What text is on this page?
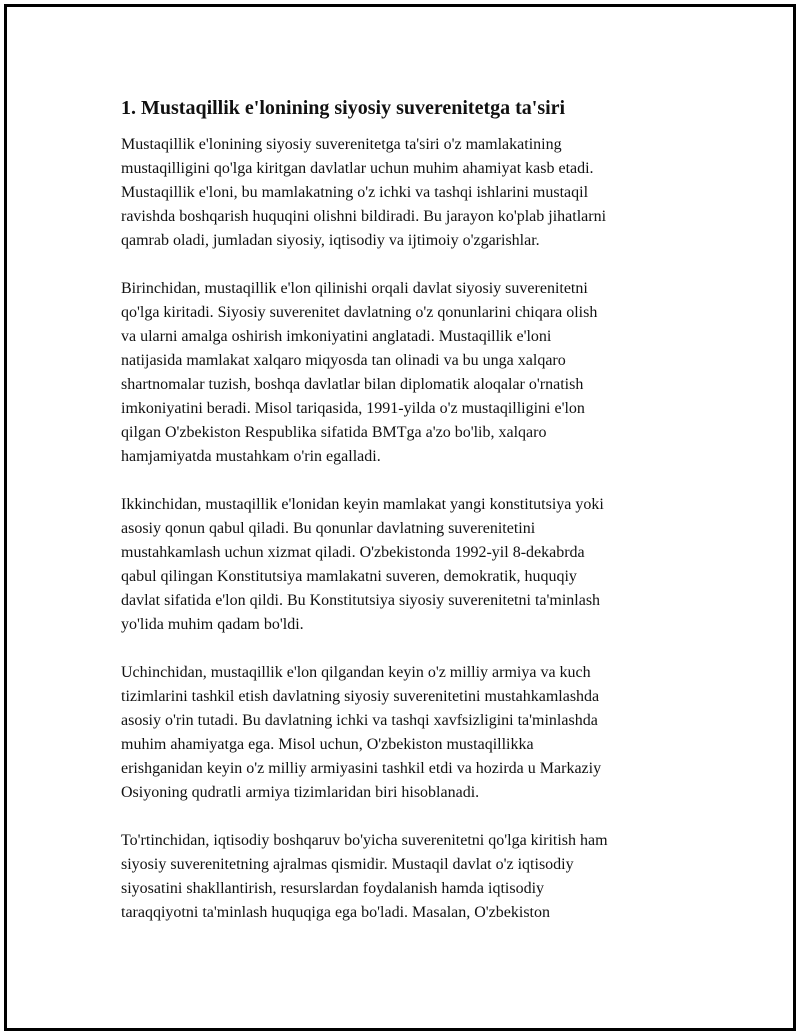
1. Mustaqillik e'lonining siyosiy suverenitetga ta'siri

Mustaqillik e'lonining siyosiy suverenitetga ta'siri o'z mamlakatining
mustaqilligini qo'lga kiritgan davlatlar uchun muhim ahamiyat kasb etadi.
Mustaqillik e'loni, bu mamlakatning o'z ichki va tashqi ishlarini mustaqil
ravishda boshqarish huquqini olishni bildiradi. Bu jarayon ko'plab jihatlarni
qamrab oladi, jumladan siyosiy, iqtisodiy va ijtimoiy o'zgarishlar.

Birinchidan, mustaqillik e'lon qilinishi orqali davlat siyosiy suverenitetni
qo'lga kiritadi. Siyosiy suverenitet davlatning o'z qonunlarini chiqara olish
va ularni amalga oshirish imkoniyatini anglatadi. Mustaqillik e'loni
natijasida mamlakat xalqaro miqyosda tan olinadi va bu unga xalqaro
shartnomalar tuzish, boshqa davlatlar bilan diplomatik aloqalar o'rnatish
imkoniyatini beradi. Misol tariqasida, 1991-yilda o'z mustaqilligini e'lon
qilgan O'zbekiston Respublika sifatida BMTga a'zo bo'lib, xalqaro
hamjamiyatda mustahkam o'rin egalladi.

Ikkinchidan, mustaqillik e'lonidan keyin mamlakat yangi konstitutsiya yoki
asosiy qonun qabul qiladi. Bu qonunlar davlatning suverenitetini
mustahkamlash uchun xizmat qiladi. O'zbekistonda 1992-yil 8-dekabrda
qabul qilingan Konstitutsiya mamlakatni suveren, demokratik, huquqiy
davlat sifatida e'lon qildi. Bu Konstitutsiya siyosiy suverenitetni ta'minlash
yo'lida muhim qadam bo'ldi.

Uchinchidan, mustaqillik e'lon qilgandan keyin o'z milliy armiya va kuch
tizimlarini tashkil etish davlatning siyosiy suverenitetini mustahkamlashda
asosiy o'rin tutadi. Bu davlatning ichki va tashqi xavfsizligini ta'minlashda
muhim ahamiyatga ega. Misol uchun, O'zbekiston mustaqillikka
erishganidan keyin o'z milliy armiyasini tashkil etdi va hozirda u Markaziy
Osiyoning qudratli armiya tizimlaridan biri hisoblanadi.

To'rtinchidan, iqtisodiy boshqaruv bo'yicha suverenitetni qo'lga kiritish ham
siyosiy suverenitetning ajralmas qismidir. Mustaqil davlat o'z iqtisodiy
siyosatini shakllantirish, resurslardan foydalanish hamda iqtisodiy
taraqqiyotni ta'minlash huquqiga ega bo'ladi. Masalan, O'zbekiston
